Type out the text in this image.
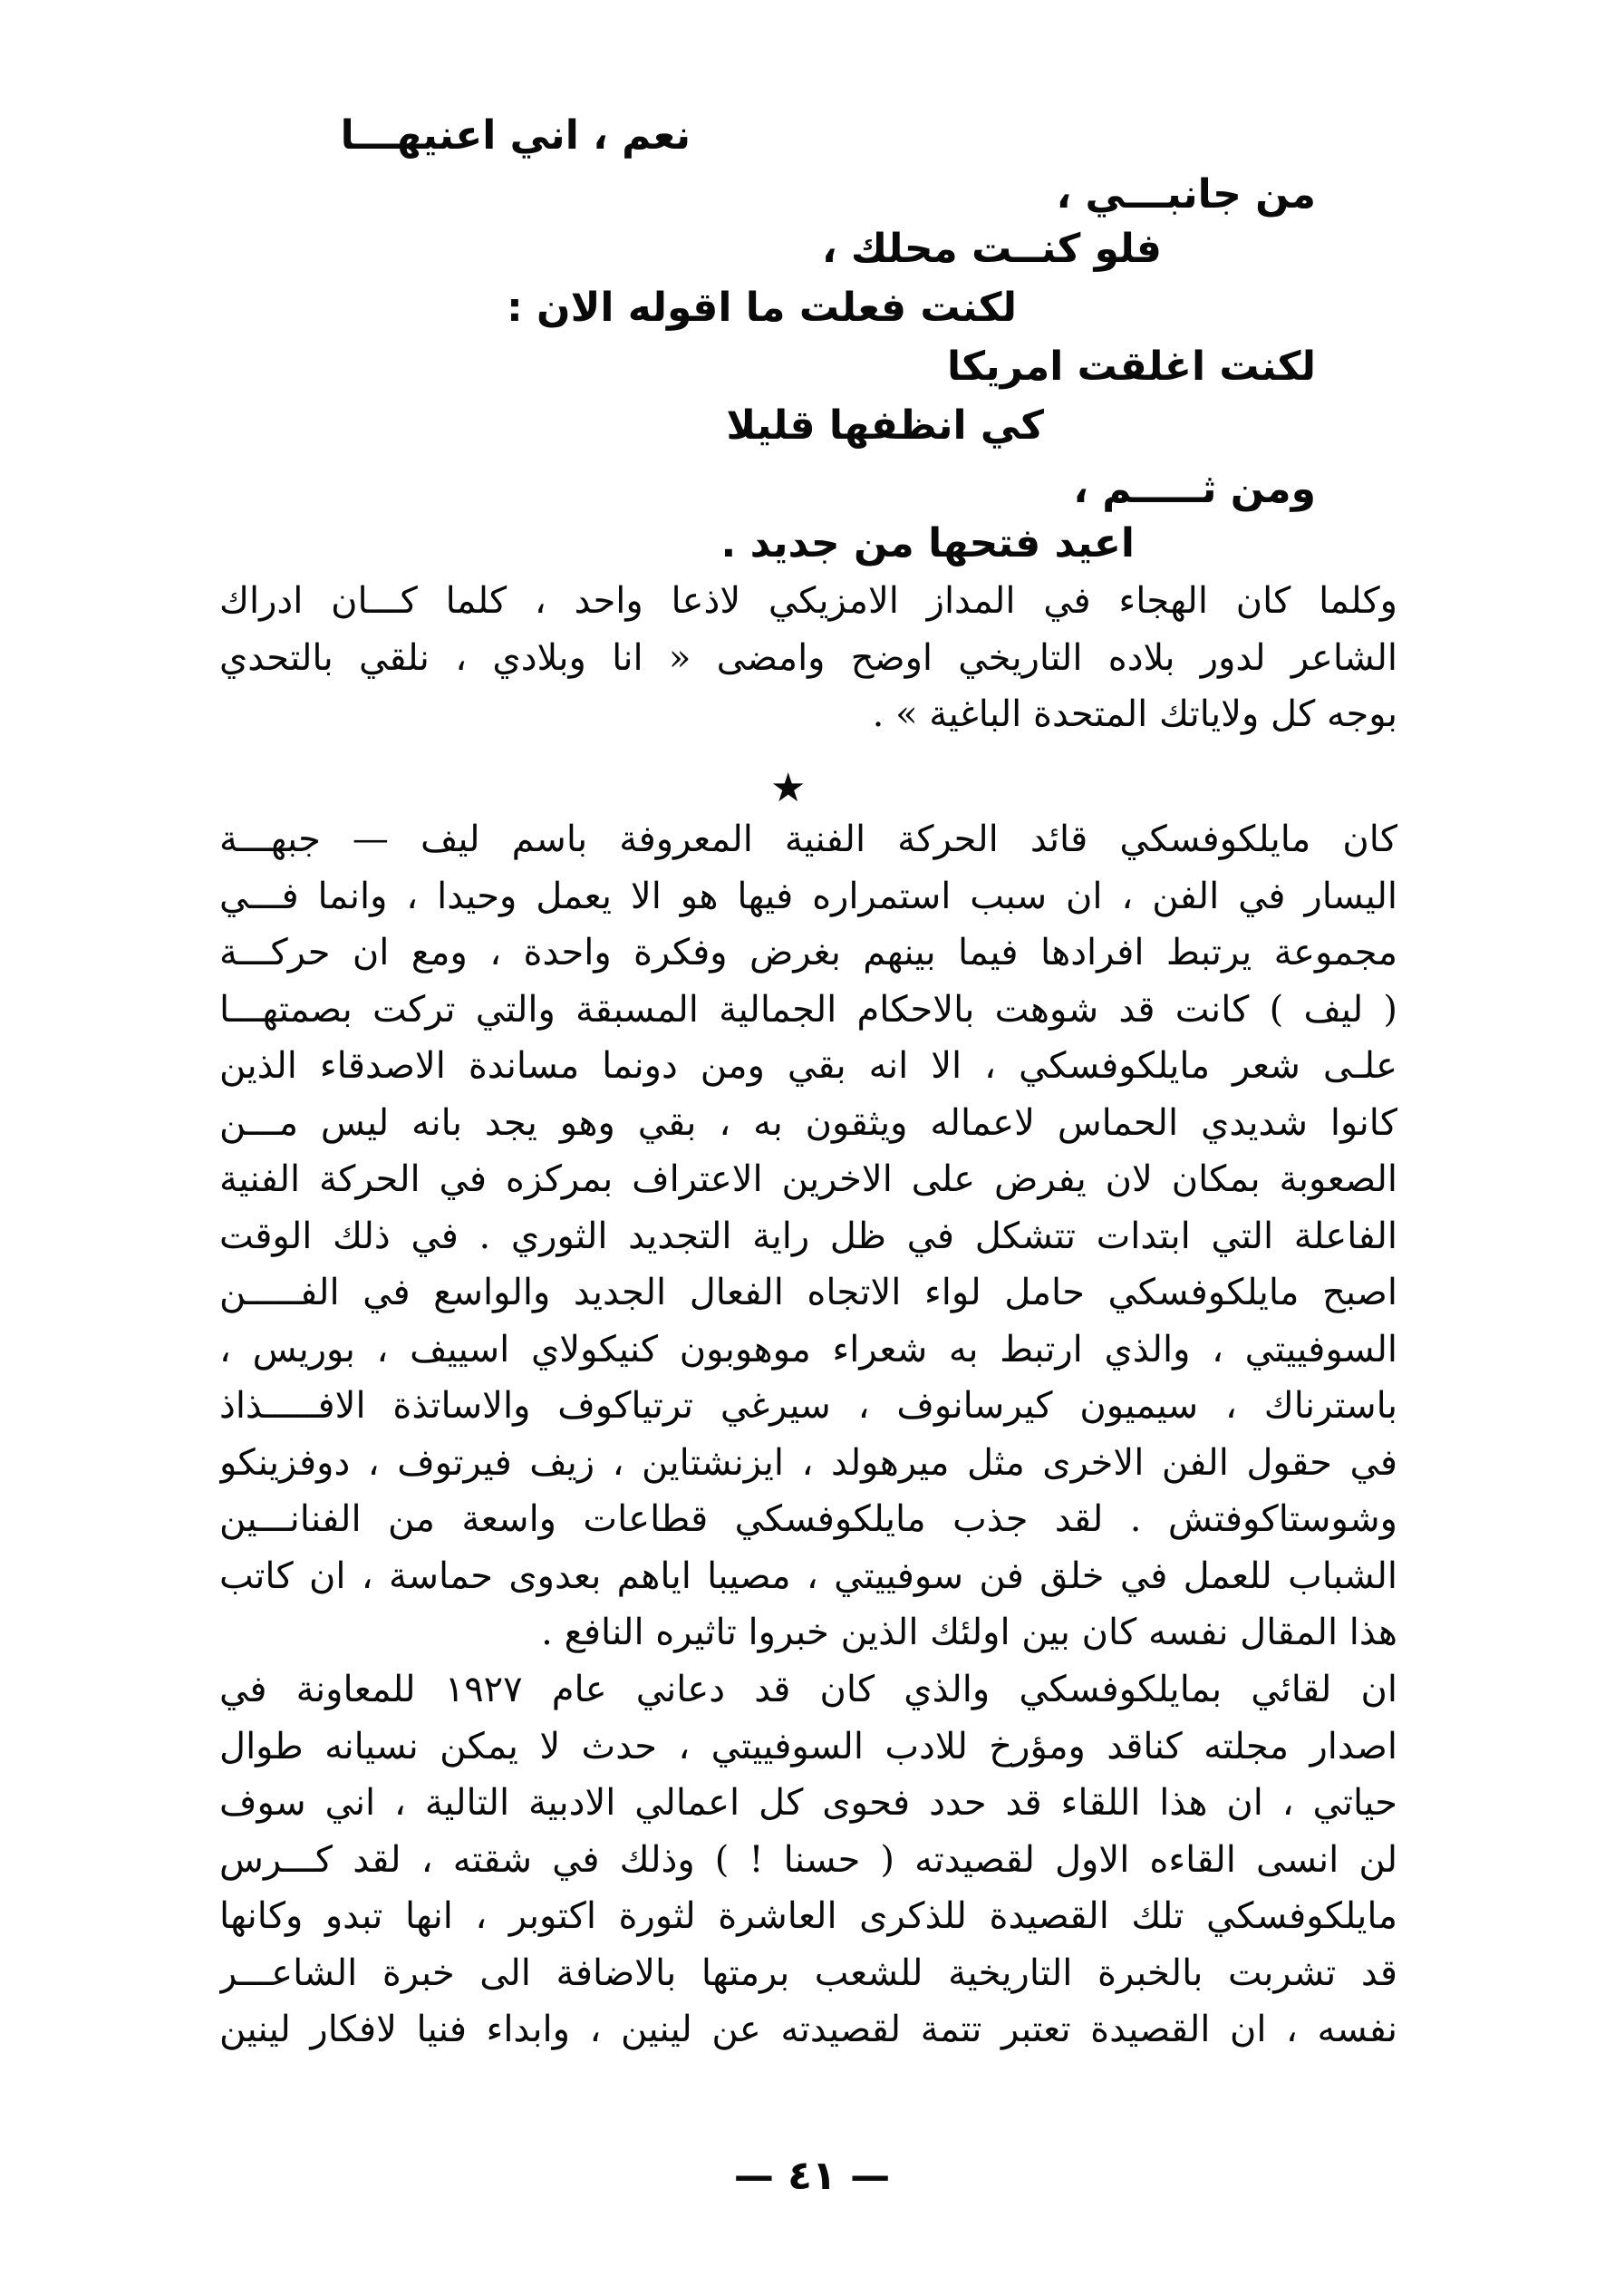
نعم ، اني اعنيهـــا
من جانبـــي ،
فلو كنــت محلك ،
لكنت فعلت ما اقوله الان :
لكنت اغلقت امريكا
كي انظفها قليلا
ومن ثـــــم ،
اعيد فتحها من جديد .
وكلما كان الهجاء في المداز الامزيكي لاذعا واحد ، كلما كـــان ادراك
الشاعر لدور بلاده التاريخي اوضح وامضى « انا وبلادي ، نلقي بالتحدي
بوجه كل ولاياتك المتحدة الباغية » .
★
كان مايلكوفسكي قائد الحركة الفنية المعروفة باسم ليف — جبهـــة
اليسار في الفن ، ان سبب استمراره فيها هو الا يعمل وحيدا ، وانما فـــي
مجموعة يرتبط افرادها فيما بينهم بغرض وفكرة واحدة ، ومع ان حركـــة
( ليف ) كانت قد شوهت بالاحكام الجمالية المسبقة والتي تركت بصمتهـــا
علـى شعر مايلكوفسكي ، الا انه بقي ومن دونما مساندة الاصدقاء الذين
كانوا شديدي الحماس لاعماله ويثقون به ، بقي وهو يجد بانه ليس مـــن
الصعوبة بمكان لان يفرض على الاخرين الاعتراف بمركزه في الحركة الفنية
الفاعلة التي ابتدات تتشكل في ظل راية التجديد الثوري . في ذلك الوقت
اصبح مايلكوفسكي حامل لواء الاتجاه الفعال الجديد والواسع في الفـــــن
السوفييتي ، والذي ارتبط به شعراء موهوبون كنيكولاي اسييف ، بوريس ،
باسترناك ، سيميون كيرسانوف ، سيرغي ترتياكوف والاساتذة الافـــــذاذ
في حقول الفن الاخرى مثل ميرهولد ، ايزنشتاين ، زيف فيرتوف ، دوفزينكو
وشوستاكوفتش . لقد جذب مايلكوفسكي قطاعات واسعة من الفنانـــين
الشباب للعمل في خلق فن سوفييتي ، مصيبا اياهم بعدوى حماسة ، ان كاتب
هذا المقال نفسه كان بين اولئك الذين خبروا تاثيره النافع .
ان لقائي بمايلكوفسكي والذي كان قد دعاني عام ١٩٢٧ للمعاونة في
اصدار مجلته كناقد ومؤرخ للادب السوفييتي ، حدث لا يمكن نسيانه طوال
حياتي ، ان هذا اللقاء قد حدد فحوى كل اعمالي الادبية التالية ، اني سوف
لن انسى القاءه الاول لقصيدته ( حسنا ! ) وذلك في شقته ، لقد كـــرس
مايلكوفسكي تلك القصيدة للذكرى العاشرة لثورة اكتوبر ، انها تبدو وكانها
قد تشربت بالخبرة التاريخية للشعب برمتها بالاضافة الى خبرة الشاعـــر
نفسه ، ان القصيدة تعتبر تتمة لقصيدته عن لينين ، وابداء فنيا لافكار لينين
— ٤١ —
